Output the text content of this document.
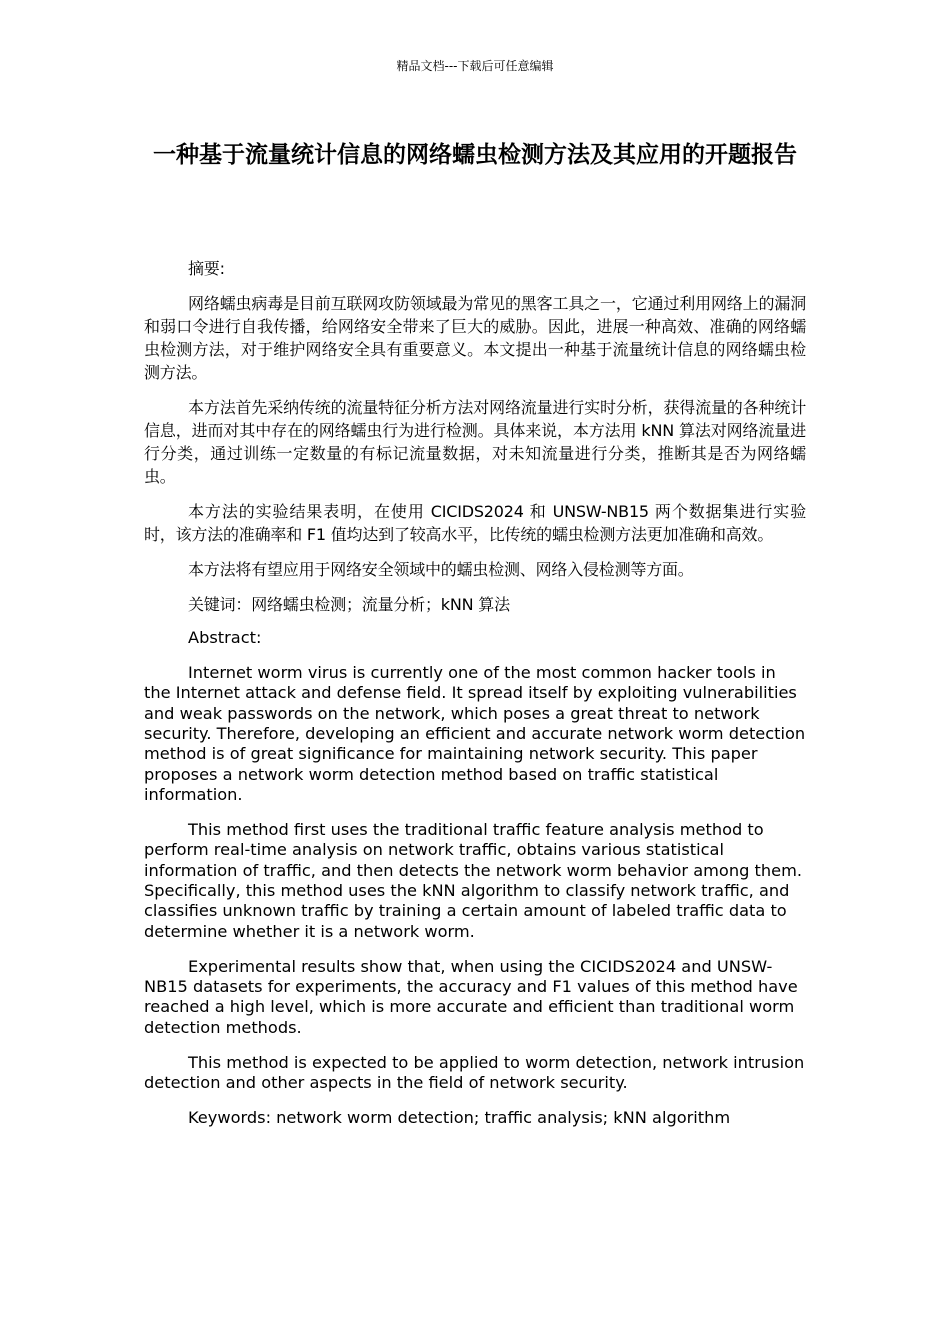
精品文档---下载后可任意编辑
一种基于流量统计信息的网络蠕虫检测方法及其应用的开题报告

摘要:

网络蠕虫病毒是目前互联网攻防领域最为常见的黑客工具之一，它通过利用网络上的漏洞和弱口令进行自我传播，给网络安全带来了巨大的威胁。因此，进展一种高效、准确的网络蠕虫检测方法，对于维护网络安全具有重要意义。本文提出一种基于流量统计信息的网络蠕虫检测方法。

本方法首先采纳传统的流量特征分析方法对网络流量进行实时分析，获得流量的各种统计信息，进而对其中存在的网络蠕虫行为进行检测。具体来说，本方法用 kNN 算法对网络流量进行分类，通过训练一定数量的有标记流量数据，对未知流量进行分类，推断其是否为网络蠕虫。

本方法的实验结果表明，在使用 CICIDS2024 和 UNSW-NB15 两个数据集进行实验时，该方法的准确率和 F1 值均达到了较高水平，比传统的蠕虫检测方法更加准确和高效。

本方法将有望应用于网络安全领域中的蠕虫检测、网络入侵检测等方面。

关键词：网络蠕虫检测；流量分析；kNN 算法

Abstract:

Internet worm virus is currently one of the most common hacker tools in the Internet attack and defense field. It spread itself by exploiting vulnerabilities and weak passwords on the network, which poses a great threat to network security. Therefore, developing an efficient and accurate network worm detection method is of great significance for maintaining network security. This paper proposes a network worm detection method based on traffic statistical information.

This method first uses the traditional traffic feature analysis method to perform real-time analysis on network traffic, obtains various statistical information of traffic, and then detects the network worm behavior among them. Specifically, this method uses the kNN algorithm to classify network traffic, and classifies unknown traffic by training a certain amount of labeled traffic data to determine whether it is a network worm.

Experimental results show that, when using the CICIDS2024 and UNSW-NB15 datasets for experiments, the accuracy and F1 values of this method have reached a high level, which is more accurate and efficient than traditional worm detection methods.

This method is expected to be applied to worm detection, network intrusion detection and other aspects in the field of network security.

Keywords: network worm detection; traffic analysis; kNN algorithm
